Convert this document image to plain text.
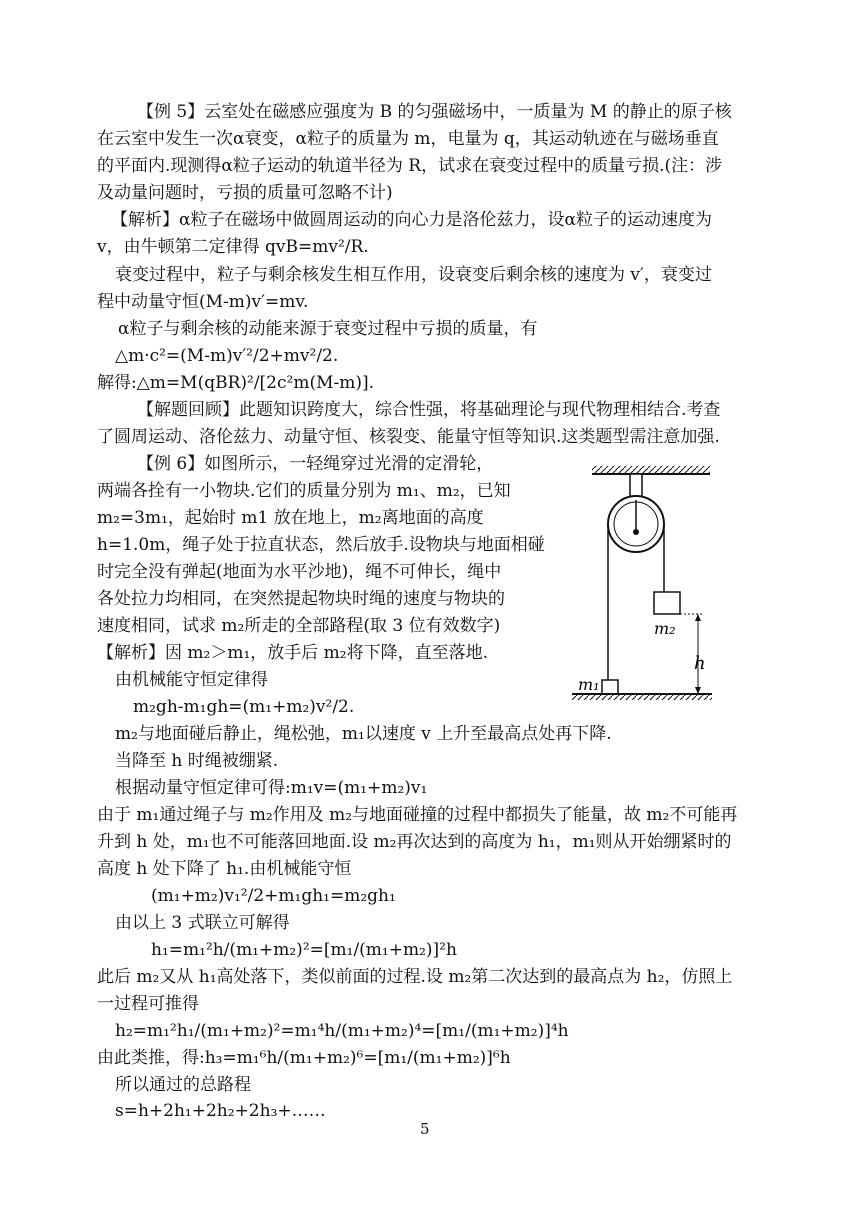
【例 5】云室处在磁感应强度为 B 的匀强磁场中，一质量为 M 的静止的原子核
在云室中发生一次α衰变，α粒子的质量为 m，电量为 q，其运动轨迹在与磁场垂直
的平面内.现测得α粒子运动的轨道半径为 R，试求在衰变过程中的质量亏损.(注：涉
及动量问题时，亏损的质量可忽略不计)
【解析】α粒子在磁场中做圆周运动的向心力是洛伦兹力，设α粒子的运动速度为
v，由牛顿第二定律得 qvB=mv²/R.
衰变过程中，粒子与剩余核发生相互作用，设衰变后剩余核的速度为 v′，衰变过
程中动量守恒(M-m)v′=mv.
α粒子与剩余核的动能来源于衰变过程中亏损的质量，有
△m·c²=(M-m)v′²/2+mv²/2.
解得:△m=M(qBR)²/[2c²m(M-m)].
【解题回顾】此题知识跨度大，综合性强，将基础理论与现代物理相结合.考查
了圆周运动、洛伦兹力、动量守恒、核裂变、能量守恒等知识.这类题型需注意加强.
【例 6】如图所示，一轻绳穿过光滑的定滑轮，
两端各拴有一小物块.它们的质量分别为 m₁、m₂，已知
m₂=3m₁，起始时 m1 放在地上，m₂离地面的高度
h=1.0m，绳子处于拉直状态，然后放手.设物块与地面相碰
时完全没有弹起(地面为水平沙地)，绳不可伸长，绳中
各处拉力均相同，在突然提起物块时绳的速度与物块的
速度相同，试求 m₂所走的全部路程(取 3 位有效数字)
【解析】因 m₂＞m₁，放手后 m₂将下降，直至落地.
由机械能守恒定律得
m₂gh-m₁gh=(m₁+m₂)v²/2.
m₂与地面碰后静止，绳松弛，m₁以速度 v 上升至最高点处再下降.
当降至 h 时绳被绷紧.
根据动量守恒定律可得:m₁v=(m₁+m₂)v₁
由于 m₁通过绳子与 m₂作用及 m₂与地面碰撞的过程中都损失了能量，故 m₂不可能再
升到 h 处，m₁也不可能落回地面.设 m₂再次达到的高度为 h₁，m₁则从开始绷紧时的
高度 h 处下降了 h₁.由机械能守恒
(m₁+m₂)v₁²/2+m₁gh₁=m₂gh₁
由以上 3 式联立可解得
h₁=m₁²h/(m₁+m₂)²=[m₁/(m₁+m₂)]²h
此后 m₂又从 h₁高处落下，类似前面的过程.设 m₂第二次达到的最高点为 h₂，仿照上
一过程可推得
h₂=m₁²h₁/(m₁+m₂)²=m₁⁴h/(m₁+m₂)⁴=[m₁/(m₁+m₂)]⁴h
由此类推，得:h₃=m₁⁶h/(m₁+m₂)⁶=[m₁/(m₁+m₂)]⁶h
所以通过的总路程
s=h+2h₁+2h₂+2h₃+……
m₂
h
m₁
5
